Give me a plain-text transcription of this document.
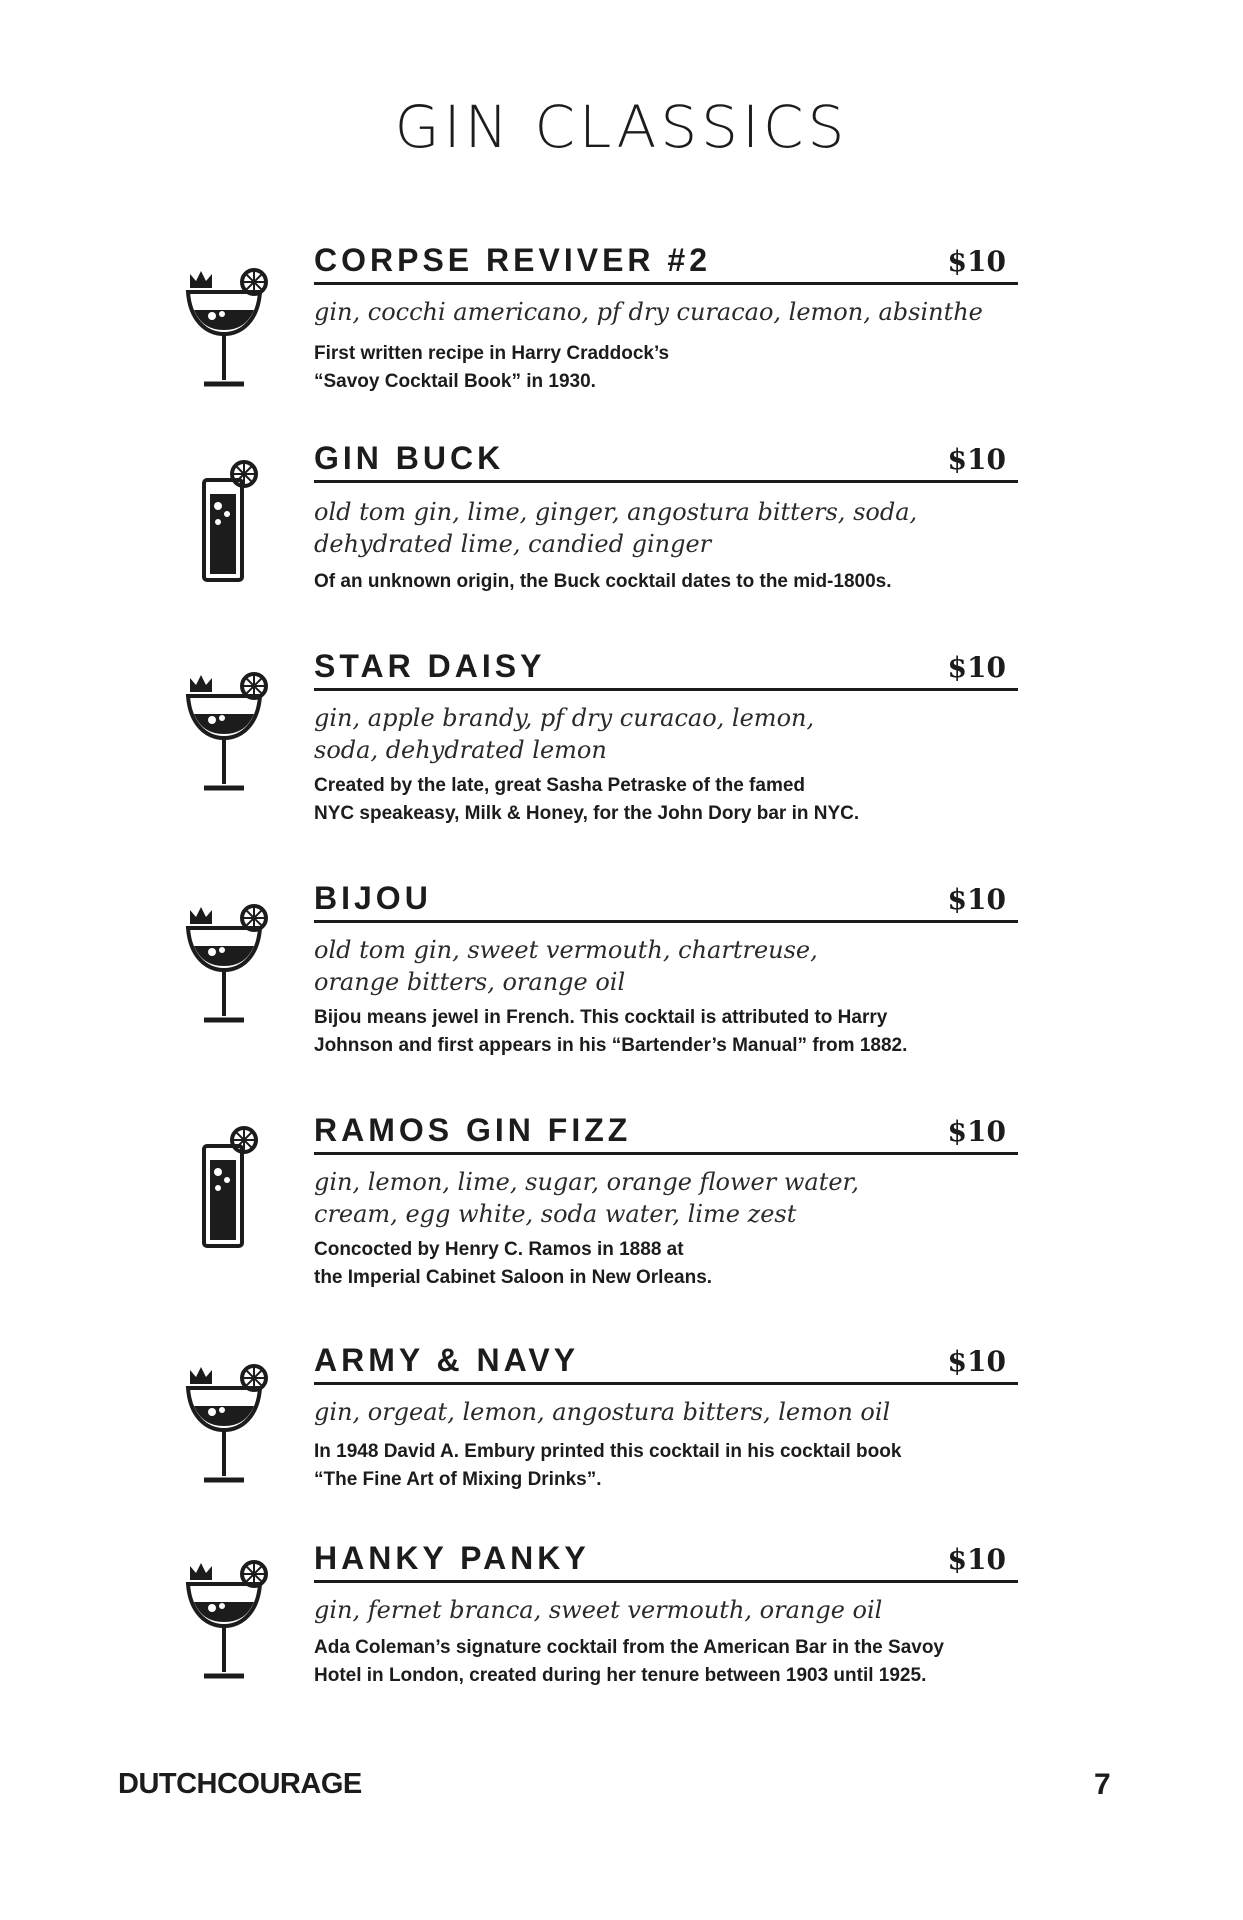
GIN CLASSICS
CORPSE REVIVER #2	$10
gin, cocchi americano, pf dry curacao, lemon, absinthe
First written recipe in Harry Craddock’s
“Savoy Cocktail Book” in 1930.
GIN BUCK	$10
old tom gin, lime, ginger, angostura bitters, soda,
dehydrated lime, candied ginger
Of an unknown origin, the Buck cocktail dates to the mid-1800s.
STAR DAISY	$10
gin, apple brandy, pf dry curacao, lemon,
soda, dehydrated lemon
Created by the late, great Sasha Petraske of the famed
NYC speakeasy, Milk & Honey, for the John Dory bar in NYC.
BIJOU	$10
old tom gin, sweet vermouth, chartreuse,
orange bitters, orange oil
Bijou means jewel in French. This cocktail is attributed to Harry
Johnson and first appears in his “Bartender’s Manual” from 1882.
RAMOS GIN FIZZ	$10
gin, lemon, lime, sugar, orange flower water,
cream, egg white, soda water, lime zest
Concocted by Henry C. Ramos in 1888 at
the Imperial Cabinet Saloon in New Orleans.
ARMY & NAVY	$10
gin, orgeat, lemon, angostura bitters, lemon oil
In 1948 David A. Embury printed this cocktail in his cocktail book
“The Fine Art of Mixing Drinks”.
HANKY PANKY	$10
gin, fernet branca, sweet vermouth, orange oil
Ada Coleman’s signature cocktail from the American Bar in the Savoy
Hotel in London, created during her tenure between 1903 until 1925.
DUTCHCOURAGE	7
